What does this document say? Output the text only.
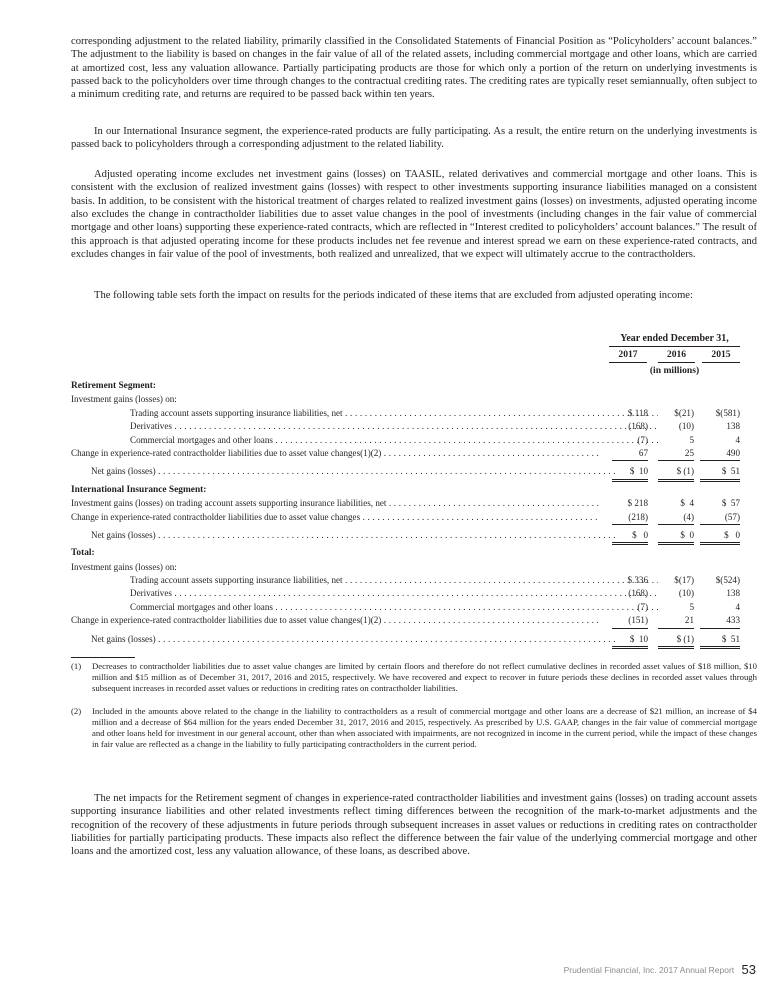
corresponding adjustment to the related liability, primarily classified in the Consolidated Statements of Financial Position as “Policyholders’ account balances.” The adjustment to the liability is based on changes in the fair value of all of the related assets, including commercial mortgage and other loans, which are carried at amortized cost, less any valuation allowance. Partially participating products are those for which only a portion of the return on underlying investments is passed back to the policyholders over time through changes to the contractual crediting rates. The crediting rates are typically reset semiannually, often subject to a minimum crediting rate, and returns are required to be passed back within ten years.

In our International Insurance segment, the experience-rated products are fully participating. As a result, the entire return on the underlying investments is passed back to policyholders through a corresponding adjustment to the related liability.

Adjusted operating income excludes net investment gains (losses) on TAASIL, related derivatives and commercial mortgage and other loans. This is consistent with the exclusion of realized investment gains (losses) with respect to other investments supporting insurance liabilities managed on a consistent basis. In addition, to be consistent with the historical treatment of charges related to realized investment gains (losses) on investments, adjusted operating income also excludes the change in contractholder liabilities due to asset value changes in the pool of investments (including changes in the fair value of commercial mortgage and other loans) supporting these experience-rated contracts, which are reflected in “Interest credited to policyholders’ account balances.” The result of this approach is that adjusted operating income for these products includes net fee revenue and interest spread we earn on these experience-rated contracts, and excludes changes in fair value of the pool of investments, both realized and unrealized, that we expect will ultimately accrue to the contractholders.

The following table sets forth the impact on results for the periods indicated of these items that are excluded from adjusted operating income:

Year ended December 31,
2017	2016	2015
(in millions)
Retirement Segment:
Investment gains (losses) on:
Trading account assets supporting insurance liabilities, net . . .	$ 118	$(21)	$(581)
Derivatives . . .	(168)	(10)	138
Commercial mortgages and other loans . . .	(7)	5	4
Change in experience-rated contractholder liabilities due to asset value changes(1)(2) . . .	67	25	490
Net gains (losses) . . .	$  10	$ (1)	$  51
International Insurance Segment:
Investment gains (losses) on trading account assets supporting insurance liabilities, net . . .	$ 218	$  4	$  57
Change in experience-rated contractholder liabilities due to asset value changes . . .	(218)	(4)	(57)
Net gains (losses) . . .	$   0	$  0	$   0
Total:
Investment gains (losses) on:
Trading account assets supporting insurance liabilities, net . . .	$ 336	$(17)	$(524)
Derivatives . . .	(168)	(10)	138
Commercial mortgages and other loans . . .	(7)	5	4
Change in experience-rated contractholder liabilities due to asset value changes(1)(2) . . .	(151)	21	433
Net gains (losses) . . .	$  10	$ (1)	$  51
(1) Decreases to contractholder liabilities due to asset value changes are limited by certain floors and therefore do not reflect cumulative declines in recorded asset values of $18 million, $10 million and $15 million as of December 31, 2017, 2016 and 2015, respectively. We have recovered and expect to recover in future periods these declines in recorded asset values through subsequent increases in recorded asset values or reductions in crediting rates on contractholder liabilities.
(2) Included in the amounts above related to the change in the liability to contractholders as a result of commercial mortgage and other loans are a decrease of $21 million, an increase of $4 million and a decrease of $64 million for the years ended December 31, 2017, 2016 and 2015, respectively. As prescribed by U.S. GAAP, changes in the fair value of commercial mortgage and other loans held for investment in our general account, other than when associated with impairments, are not recognized in income in the current period, while the impact of these changes in fair value are reflected as a change in the liability to fully participating contractholders in the current period.

The net impacts for the Retirement segment of changes in experience-rated contractholder liabilities and investment gains (losses) on trading account assets supporting insurance liabilities and other related investments reflect timing differences between the recognition of the mark-to-market adjustments and the recognition of the recovery of these adjustments in future periods through subsequent increases in asset values or reductions in crediting rates on contractholder liabilities for partially participating products. These impacts also reflect the difference between the fair value of the underlying commercial mortgage and other loans and the amortized cost, less any valuation allowance, of these loans, as described above.

Prudential Financial, Inc. 2017 Annual Report 53
